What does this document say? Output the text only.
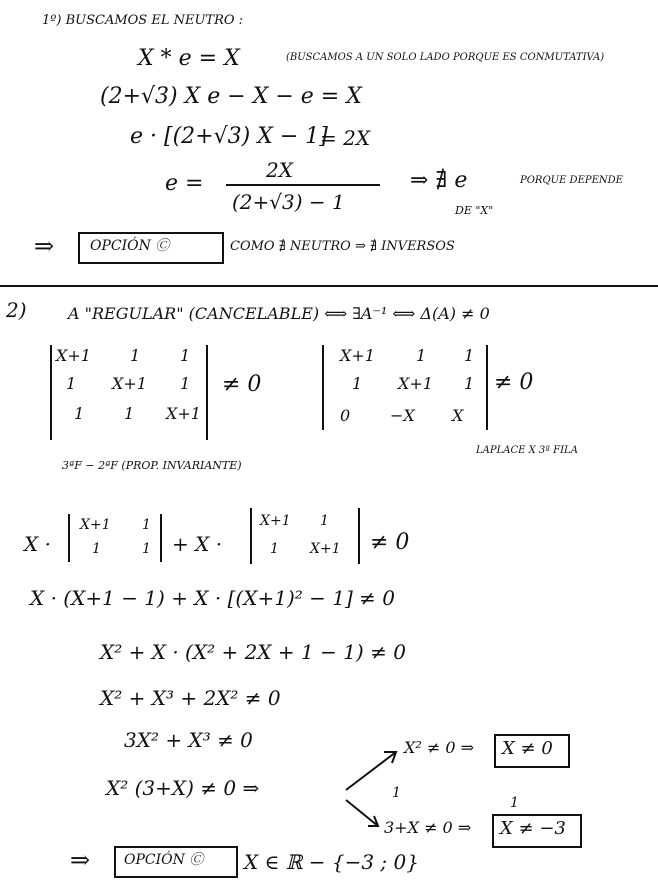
1º) BUSCAMOS EL NEUTRO :
X * e = X	(BUSCAMOS A UN SOLO LADO PORQUE ES CONMUTATIVA)
(2+√3) X e − X − e = X
e · [(2+√3) X − 1]
= 2X
e =
2X
(2+√3) − 1
⇒ ∄ e	PORQUE DEPENDE
DE "X"
⇒	OPCIÓN Ⓒ	COMO ∄ NEUTRO ⇒ ∄ INVERSOS
2)	A "REGULAR" (CANCELABLE) ⟺ ∃A⁻¹ ⟺ Δ(A) ≠ 0
X+1 1 1
1 X+1 1
1 1 X+1
≠ 0
X+1	1 1
1 X+1 1
0 −X X
≠ 0
3ªF − 2ªF (PROP. INVARIANTE)
LAPLACE X 3ª FILA
X ·
X+1 1
1	1 + X ·
X+1 1
1 X+1 ≠ 0
X · (X+1 − 1) + X · [(X+1)² − 1] ≠ 0
X² + X · (X² + 2X + 1 − 1) ≠ 0
X² + X³ + 2X² ≠ 0
3X² + X³ ≠ 0
X² (3+X) ≠ 0 ⇒
X² ≠ 0 ⇒ X ≠ 0
1
1
3+X ≠ 0 ⇒ X ≠ −3
⇒ OPCIÓN Ⓒ X ∈ ℝ − {−3 ; 0}
